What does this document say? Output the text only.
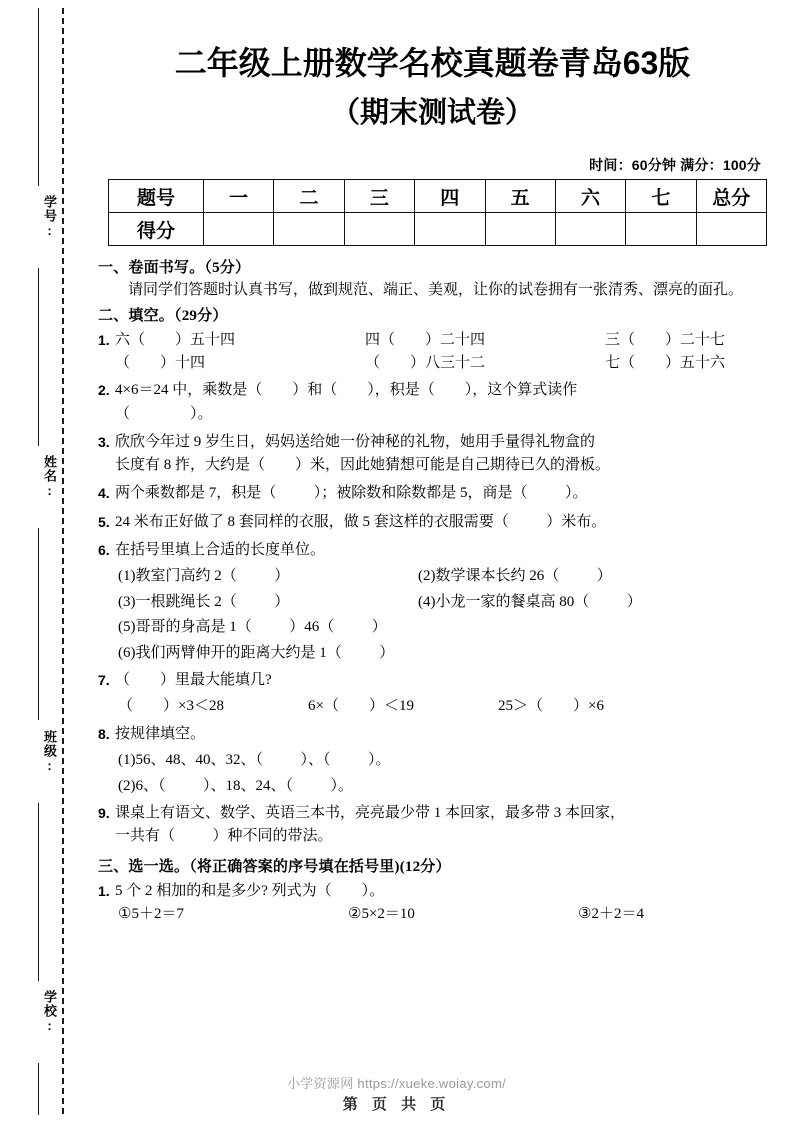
学号:
姓名:
班级:
学校:
二年级上册数学名校真题卷青岛63版
（期末测试卷）
时间：60分钟 满分：100分
题号	一	二	三	四	五	六	七	总分
得分								
一、卷面书写。（5分）
请同学们答题时认真书写，做到规范、端正、美观，让你的试卷拥有一张清秀、漂亮的面孔。
二、填空。（29分）
1. 六（        ）五十四	四（        ）二十四	三（        ）二十七
（        ）十四	（        ）八三十二	七（        ）五十六
2. 4×6＝24 中，乘数是（        ）和（        ），积是（        ），这个算式读作
（                ）。
3. 欣欣今年过 9 岁生日，妈妈送给她一份神秘的礼物，她用手量得礼物盒的
长度有 8 拃，大约是（        ）米，因此她猜想可能是自己期待已久的滑板。
4. 两个乘数都是 7，积是（          ）；被除数和除数都是 5，商是（          ）。
5. 24 米布正好做了 8 套同样的衣服，做 5 套这样的衣服需要（          ）米布。
6. 在括号里填上合适的长度单位。
(1)教室门高约 2（          ）	(2)数学课本长约 26（          ）
(3)一根跳绳长 2（          ）	(4)小龙一家的餐桌高 80（          ）
(5)哥哥的身高是 1（          ）46（          ）
(6)我们两臂伸开的距离大约是 1（          ）
7. （        ）里最大能填几?
（        ）×3＜28	6×（        ）＜19	25＞（        ）×6
8. 按规律填空。
(1)56、48、40、32、（          ）、（          ）。
(2)6、（          ）、18、24、（          ）。
9. 课桌上有语文、数学、英语三本书，亮亮最少带 1 本回家，最多带 3 本回家，
一共有（          ）种不同的带法。
三、选一选。（将正确答案的序号填在括号里)(12分）
1. 5 个 2 相加的和是多少? 列式为（        ）。
①5＋2＝7	②5×2＝10	③2＋2＝4
小学资源网 https://xueke.woiay.com/
第 页 共 页
